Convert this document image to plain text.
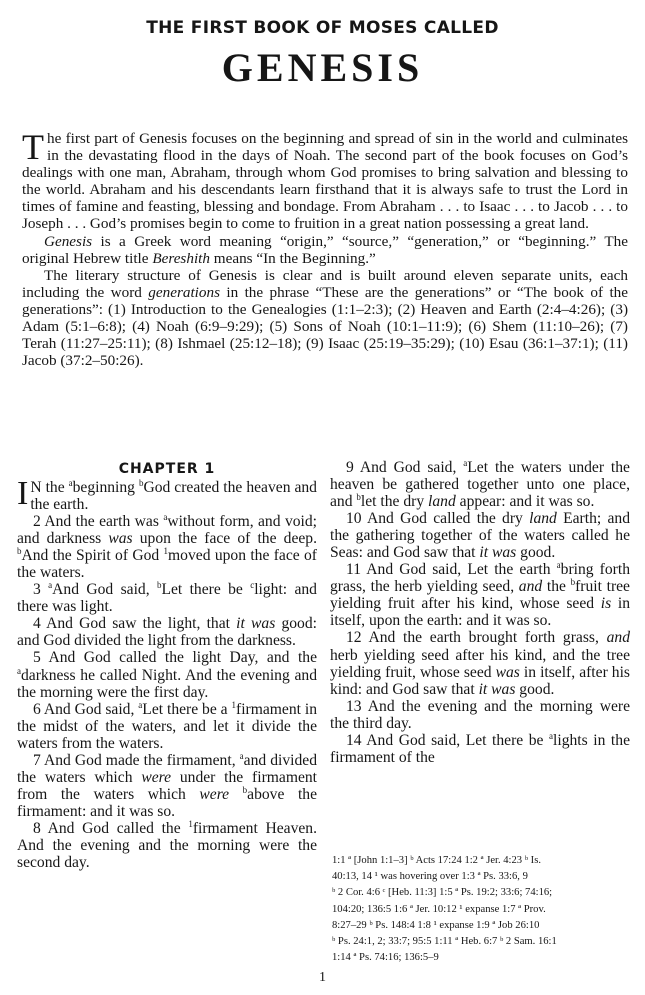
THE FIRST BOOK OF MOSES CALLED
GENESIS

The first part of Genesis focuses on the beginning and spread of sin in the world and culminates in the devastating flood in the days of Noah. The second part of the book focuses on God’s dealings with one man, Abraham, through whom God promises to bring salvation and blessing to the world. Abraham and his descendants learn firsthand that it is always safe to trust the Lord in times of famine and feasting, blessing and bondage. From Abraham . . . to Isaac . . . to Jacob . . . to Joseph . . . God’s promises begin to come to fruition in a great nation possessing a great land.

Genesis is a Greek word meaning “origin,” “source,” “generation,” or “beginning.” The original Hebrew title Bereshith means “In the Beginning.”

The literary structure of Genesis is clear and is built around eleven separate units, each including the word generations in the phrase “These are the generations” or “The book of the generations”: (1) Introduction to the Genealogies (1:1–2:3); (2) Heaven and Earth (2:4–4:26); (3) Adam (5:1–6:8); (4) Noah (6:9–9:29); (5) Sons of Noah (10:1–11:9); (6) Shem (11:10–26); (7) Terah (11:27–25:11); (8) Ishmael (25:12–18); (9) Isaac (25:19–35:29); (10) Esau (36:1–37:1); (11) Jacob (37:2–50:26).

CHAPTER 1

I N the $^a$beginning $^b$God created the heaven and the earth.

2 And the earth was $^a$without form, and void; and darkness was upon the face of the deep. $^b$And the Spirit of God $^1$moved upon the face of the waters.

3 $^a$And God said, $^b$Let there be $^c$light: and there was light.

4 And God saw the light, that it was good: and God divided the light from the darkness.

5 And God called the light Day, and the $^a$darkness he called Night. And the evening and the morning were the first day.

6 And God said, $^a$Let there be a $^1$firmament in the midst of the waters, and let it divide the waters from the waters.

7 And God made the firmament, $^a$and divided the waters which were under the firmament from the waters which were $^b$above the firmament: and it was so.

8 And God called the $^1$firmament Heaven. And the evening and the morning were the second day.

9 And God said, $^a$Let the waters under the heaven be gathered together unto one place, and $^b$let the dry land appear: and it was so.

10 And God called the dry land Earth; and the gathering together of the waters called he Seas: and God saw that it was good.

11 And God said, Let the earth $^a$bring forth grass, the herb yielding seed, and the $^b$fruit tree yielding fruit after his kind, whose seed is in itself, upon the earth: and it was so.

12 And the earth brought forth grass, and herb yielding seed after his kind, and the tree yielding fruit, whose seed was in itself, after his kind: and God saw that it was good.

13 And the evening and the morning were the third day.

14 And God said, Let there be $^a$lights in the firmament of the

1:1 ª [John 1:1–3] ᵇ Acts 17:24 1:2 ª Jer. 4:23 ᵇ Is.
40:13, 14 ¹ was hovering over 1:3 ª Ps. 33:6, 9
ᵇ 2 Cor. 4:6 ᶜ [Heb. 11:3] 1:5 ª Ps. 19:2; 33:6; 74:16;
104:20; 136:5 1:6 ª Jer. 10:12 ¹ expanse 1:7 ª Prov.
8:27–29 ᵇ Ps. 148:4 1:8 ¹ expanse 1:9 ª Job 26:10
ᵇ Ps. 24:1, 2; 33:7; 95:5 1:11 ª Heb. 6:7 ᵇ 2 Sam. 16:1
1:14 ª Ps. 74:16; 136:5–9
1
